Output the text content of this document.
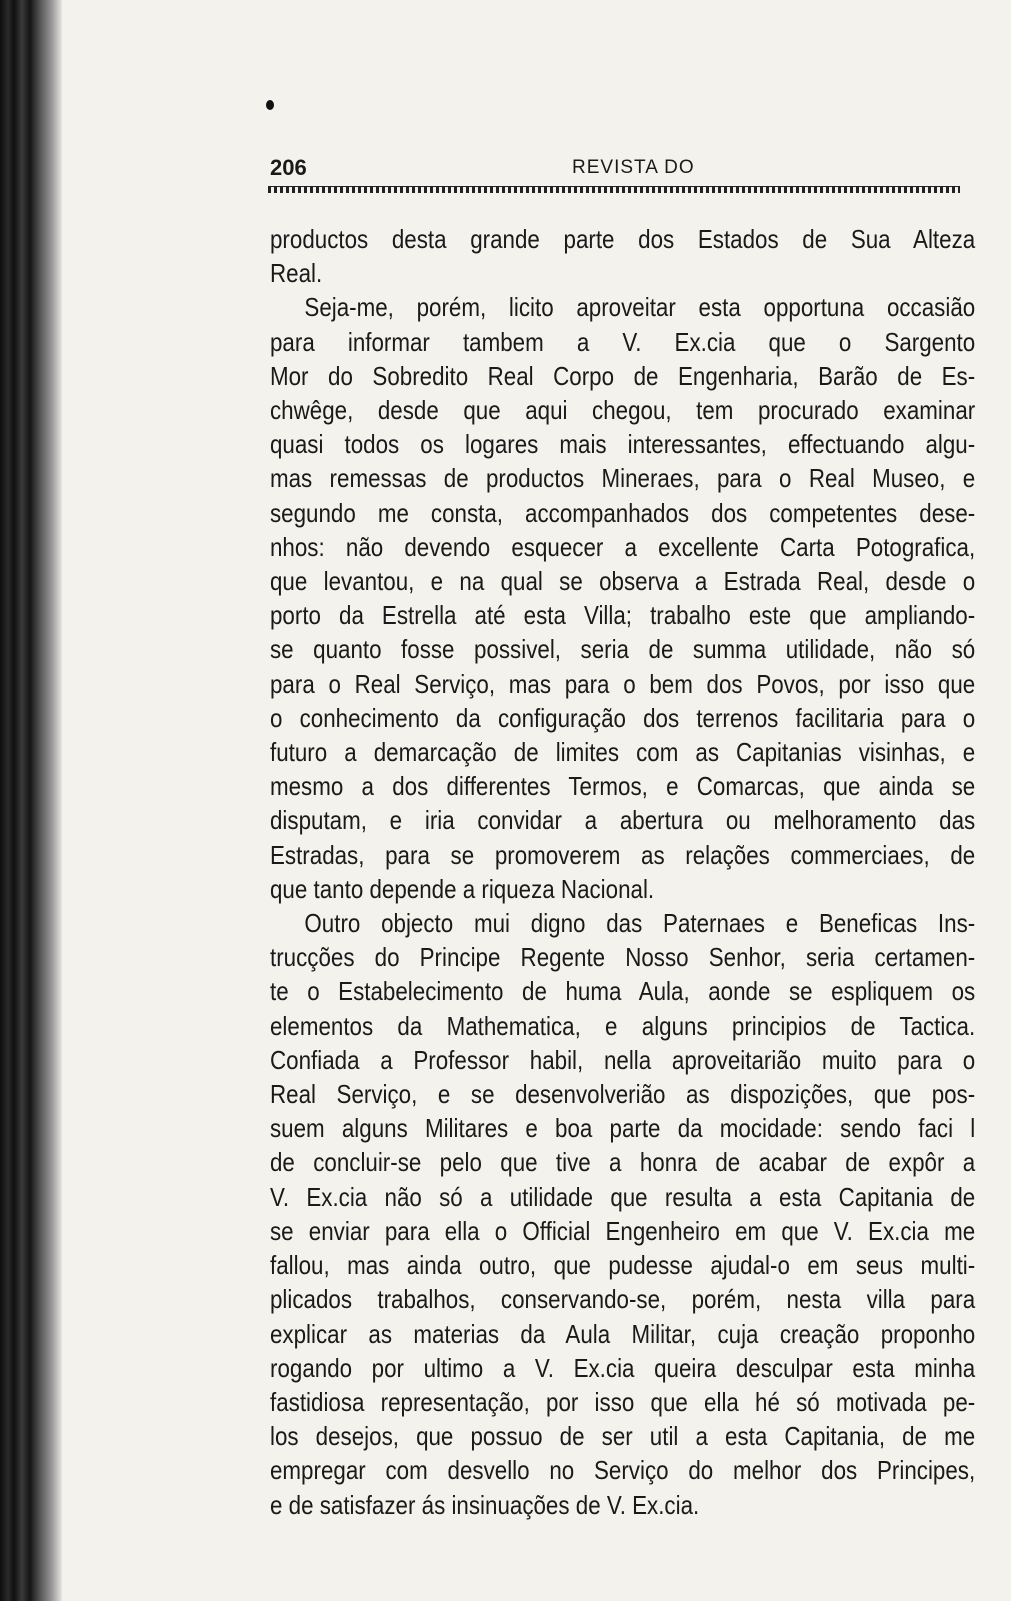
206	REVISTA DO

productos desta grande parte dos Estados de Sua Alteza
Real.

Seja-me, porém, licito aproveitar esta opportuna occasião
para informar tambem a V. Ex.cia que o Sargento
Mor do Sobredito Real Corpo de Engenharia, Barão de Es-
chwêge, desde que aqui chegou, tem procurado examinar
quasi todos os logares mais interessantes, effectuando algu-
mas remessas de productos Mineraes, para o Real Museo, e
segundo me consta, accompanhados dos competentes dese-
nhos: não devendo esquecer a excellente Carta Potografica,
que levantou, e na qual se observa a Estrada Real, desde o
porto da Estrella até esta Villa; trabalho este que ampliando-
se quanto fosse possivel, seria de summa utilidade, não só
para o Real Serviço, mas para o bem dos Povos, por isso que
o conhecimento da configuração dos terrenos facilitaria para o
futuro a demarcação de limites com as Capitanias visinhas, e
mesmo a dos differentes Termos, e Comarcas, que ainda se
disputam, e iria convidar a abertura ou melhoramento das
Estradas, para se promoverem as relações commerciaes, de
que tanto depende a riqueza Nacional.

Outro objecto mui digno das Paternaes e Beneficas Ins-
trucções do Principe Regente Nosso Senhor, seria certamen-
te o Estabelecimento de huma Aula, aonde se espliquem os
elementos da Mathematica, e alguns principios de Tactica.
Confiada a Professor habil, nella aproveitarião muito para o
Real Serviço, e se desenvolverião as dispozições, que pos-
suem alguns Militares e boa parte da mocidade: sendo faci l
de concluir-se pelo que tive a honra de acabar de expôr a
V. Ex.cia não só a utilidade que resulta a esta Capitania de
se enviar para ella o Official Engenheiro em que V. Ex.cia me
fallou, mas ainda outro, que pudesse ajudal-o em seus multi-
plicados trabalhos, conservando-se, porém, nesta villa para
explicar as materias da Aula Militar, cuja creação proponho
rogando por ultimo a V. Ex.cia queira desculpar esta minha
fastidiosa representação, por isso que ella hé só motivada pe-
los desejos, que possuo de ser util a esta Capitania, de me
empregar com desvello no Serviço do melhor dos Principes,
e de satisfazer ás insinuações de V. Ex.cia.
